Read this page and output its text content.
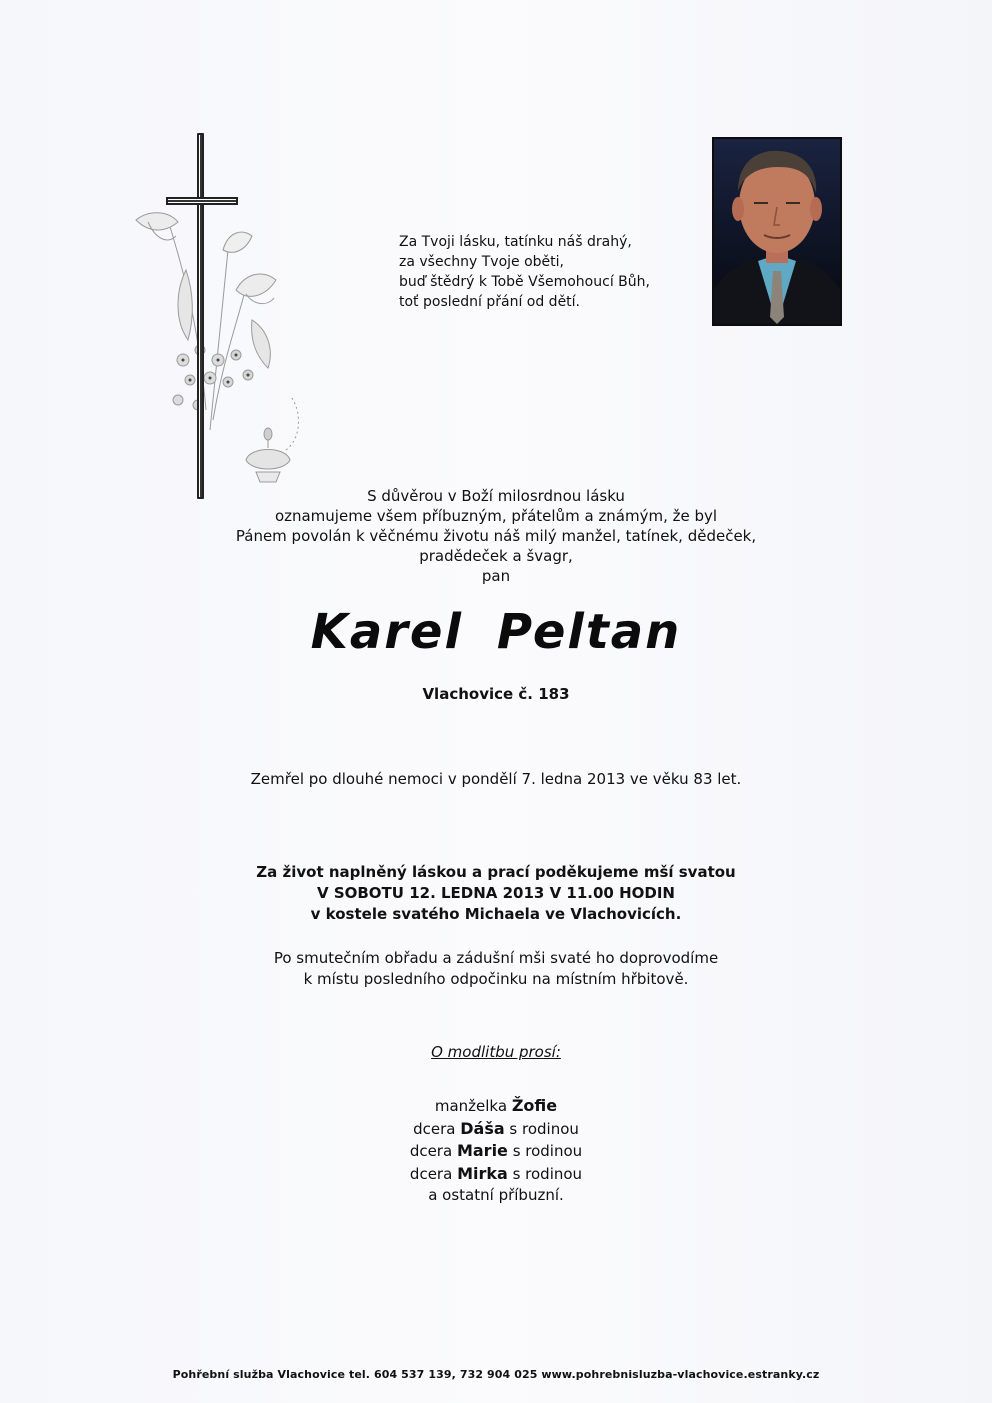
Za Tvoji lásku, tatínku náš drahý,
za všechny Tvoje oběti,
buď štědrý k Tobě Všemohoucí Bůh,
toť poslední přání od dětí.
S důvěrou v Boží milosrdnou lásku
oznamujeme všem příbuzným, přátelům a známým, že byl
Pánem povolán k věčnému životu náš milý manžel, tatínek, dědeček,
pradědeček a švagr,
pan
Karel Peltan
Vlachovice č. 183
Zemřel po dlouhé nemoci v pondělí 7. ledna 2013 ve věku 83 let.
Za život naplněný láskou a prací poděkujeme mší svatou
V SOBOTU 12. LEDNA 2013 V 11.00 HODIN
v kostele svatého Michaela ve Vlachovicích.
Po smutečním obřadu a zádušní mši svaté ho doprovodíme
k místu posledního odpočinku na místním hřbitově.
O modlitbu prosí:
manželka Žofie
dcera Dáša s rodinou
dcera Marie s rodinou
dcera Mirka s rodinou
a ostatní příbuzní.
Pohřební služba Vlachovice tel. 604 537 139, 732 904 025 www.pohrebnisluzba-vlachovice.estranky.cz
